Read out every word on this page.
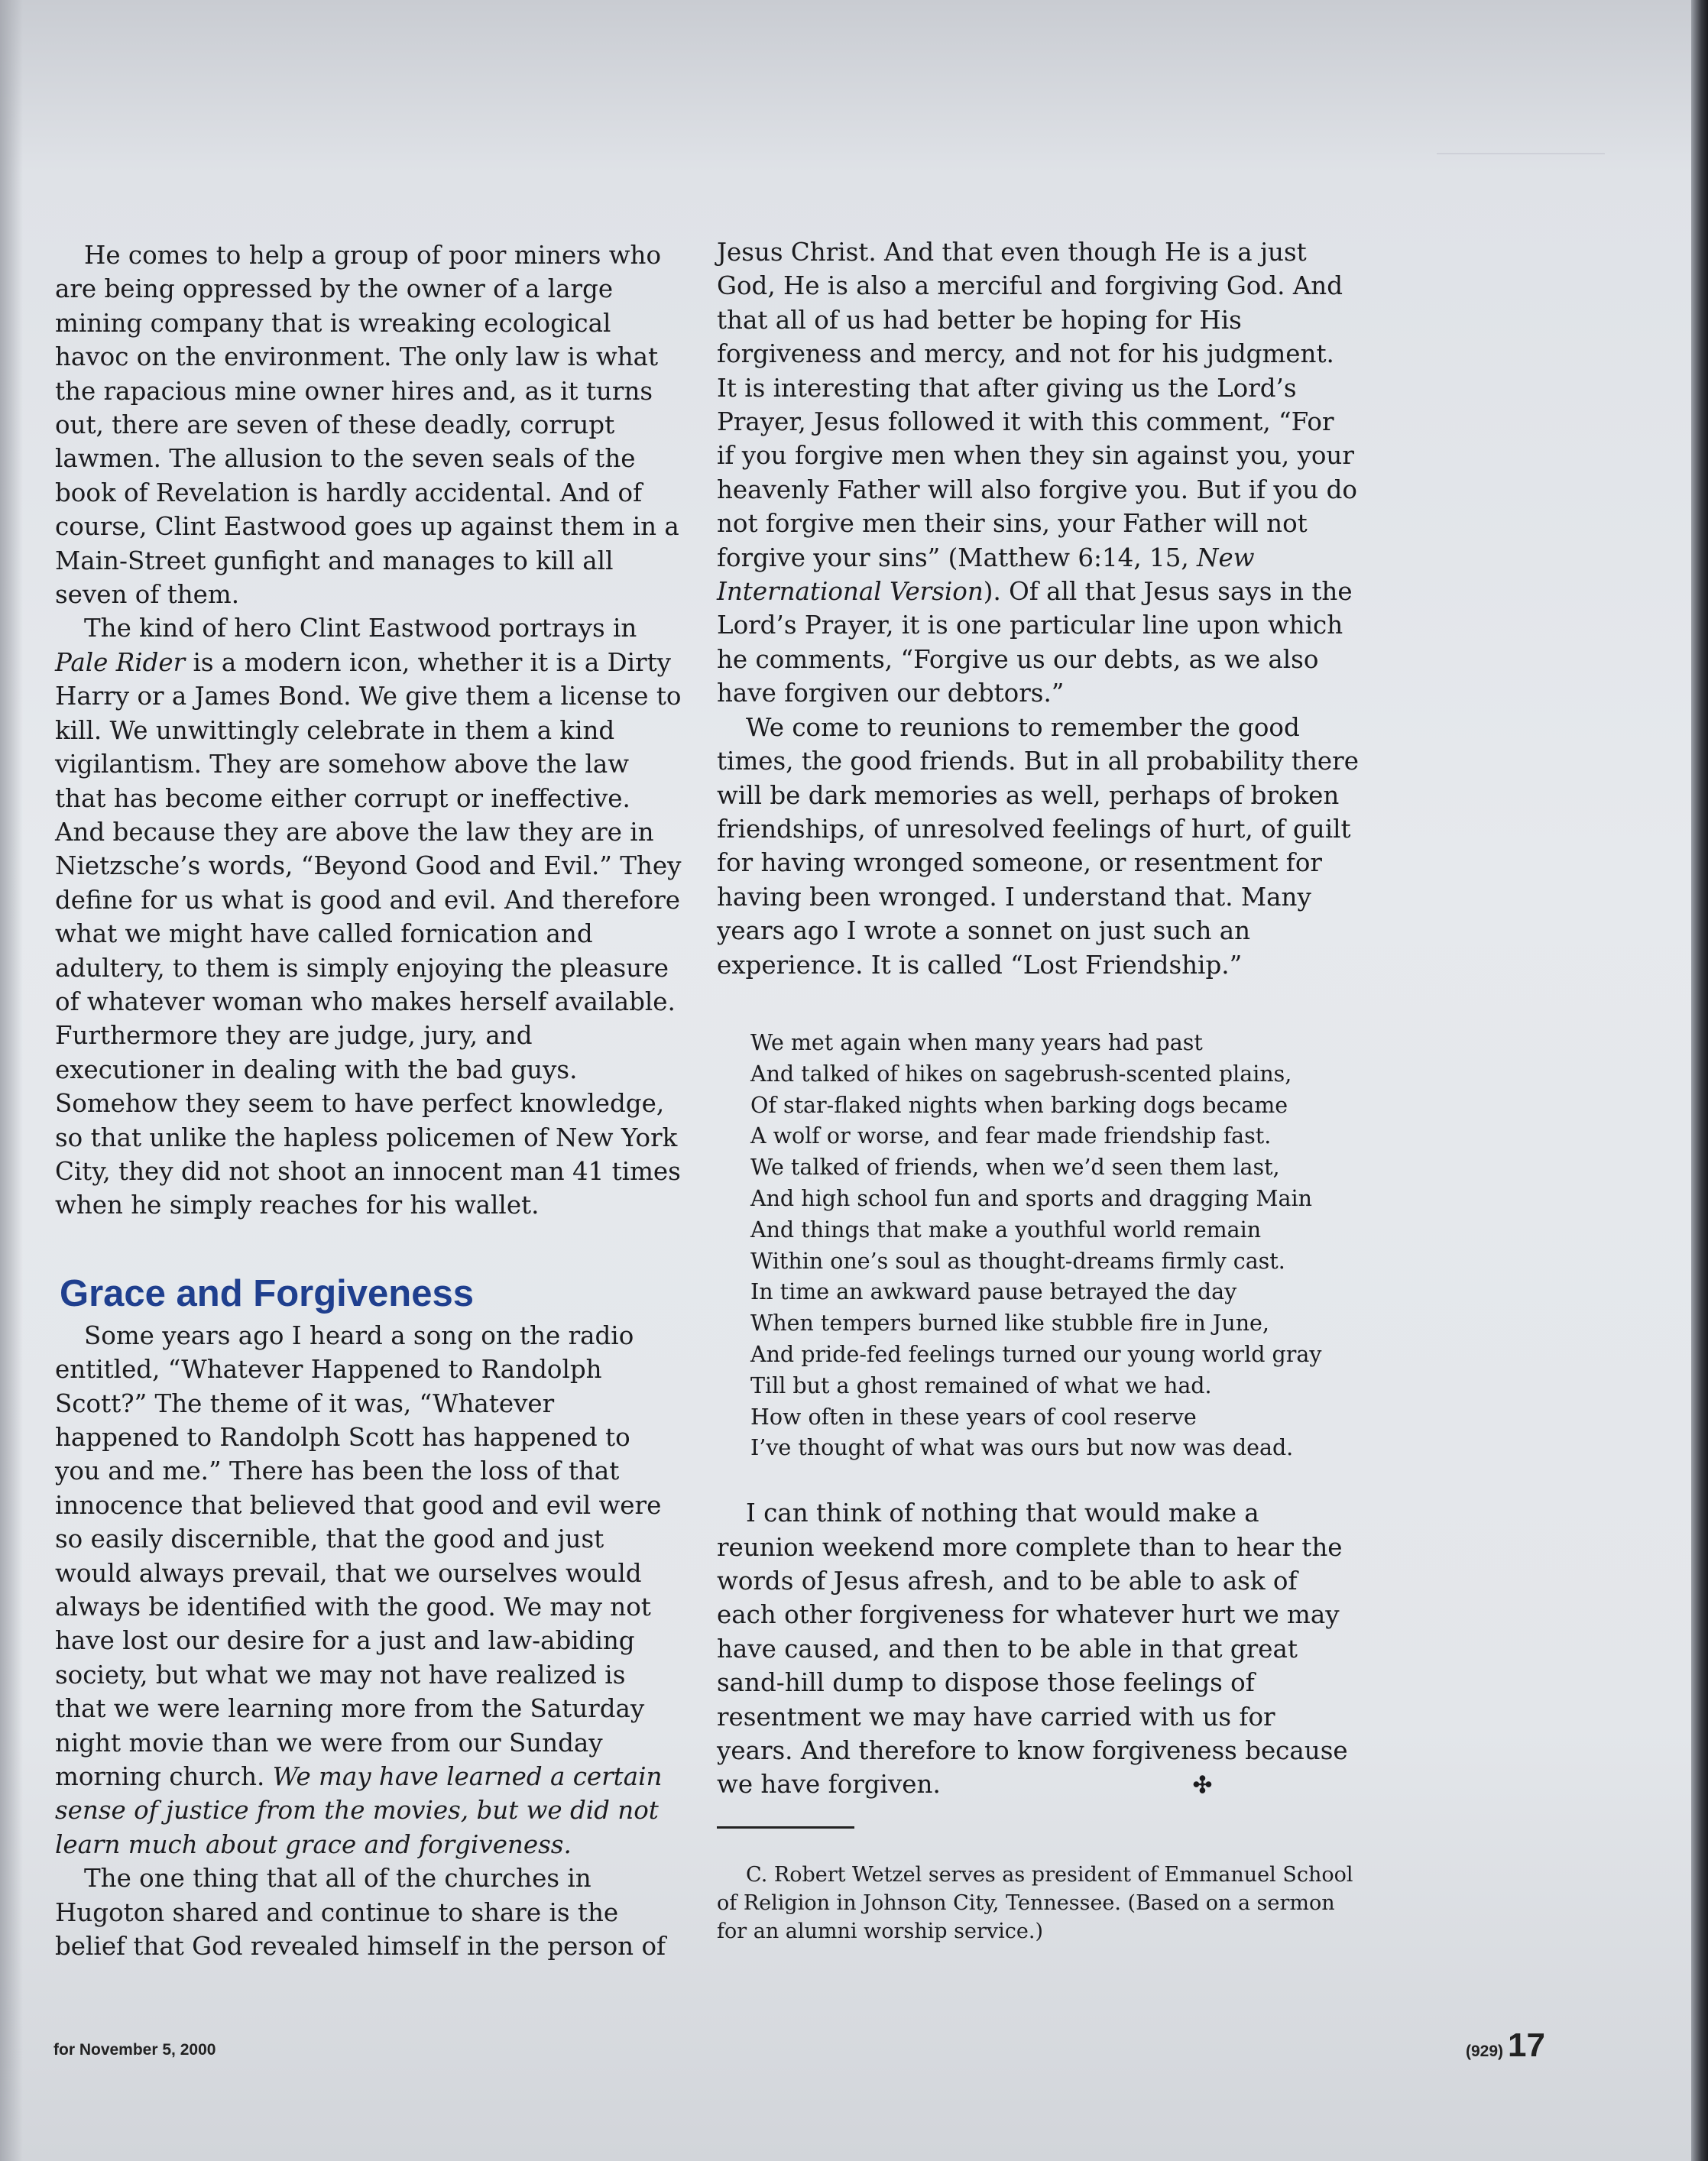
He comes to help a group of poor miners who are being oppressed by the owner of a large mining company that is wreaking ecological havoc on the environment. The only law is what the rapacious mine owner hires and, as it turns out, there are seven of these deadly, corrupt lawmen. The allusion to the seven seals of the book of Revelation is hardly accidental. And of course, Clint Eastwood goes up against them in a Main-Street gunfight and manages to kill all seven of them.

The kind of hero Clint Eastwood portrays in Pale Rider is a modern icon, whether it is a Dirty Harry or a James Bond. We give them a license to kill. We unwittingly celebrate in them a kind vigilantism. They are somehow above the law that has become either corrupt or ineffective. And because they are above the law they are in Nietzsche’s words, “Beyond Good and Evil.” They define for us what is good and evil. And therefore what we might have called fornication and adultery, to them is simply enjoying the pleasure of whatever woman who makes herself available. Furthermore they are judge, jury, and executioner in dealing with the bad guys. Somehow they seem to have perfect knowledge, so that unlike the hapless policemen of New York City, they did not shoot an innocent man 41 times when he simply reaches for his wallet.

Grace and Forgiveness

Some years ago I heard a song on the radio entitled, “Whatever Happened to Randolph Scott?” The theme of it was, “Whatever happened to Randolph Scott has happened to you and me.” There has been the loss of that innocence that believed that good and evil were so easily discernible, that the good and just would always prevail, that we ourselves would always be identified with the good. We may not have lost our desire for a just and law-abiding society, but what we may not have realized is that we were learning more from the Saturday night movie than we were from our Sunday morning church. We may have learned a certain sense of justice from the movies, but we did not learn much about grace and forgiveness.

The one thing that all of the churches in Hugoton shared and continue to share is the belief that God revealed himself in the person of

Jesus Christ. And that even though He is a just God, He is also a merciful and forgiving God. And that all of us had better be hoping for His forgiveness and mercy, and not for his judgment. It is interesting that after giving us the Lord’s Prayer, Jesus followed it with this comment, “For if you forgive men when they sin against you, your heavenly Father will also forgive you. But if you do not forgive men their sins, your Father will not forgive your sins” (Matthew 6:14, 15, New International Version). Of all that Jesus says in the Lord’s Prayer, it is one particular line upon which he comments, “Forgive us our debts, as we also have forgiven our debtors.”

We come to reunions to remember the good times, the good friends. But in all probability there will be dark memories as well, perhaps of broken friendships, of unresolved feelings of hurt, of guilt for having wronged someone, or resentment for having been wronged. I understand that. Many years ago I wrote a sonnet on just such an experience. It is called “Lost Friendship.”

We met again when many years had past
And talked of hikes on sagebrush-scented plains,
Of star-flaked nights when barking dogs became
A wolf or worse, and fear made friendship fast.
We talked of friends, when we’d seen them last,
And high school fun and sports and dragging Main
And things that make a youthful world remain
Within one’s soul as thought-dreams firmly cast.
In time an awkward pause betrayed the day
When tempers burned like stubble fire in June,
And pride-fed feelings turned our young world gray
Till but a ghost remained of what we had.
How often in these years of cool reserve
I’ve thought of what was ours but now was dead.

I can think of nothing that would make a reunion weekend more complete than to hear the words of Jesus afresh, and to be able to ask of each other forgiveness for whatever hurt we may have caused, and then to be able in that great sand-hill dump to dispose those feelings of resentment we may have carried with us for years. And therefore to know forgiveness because we have forgiven.	✣

C. Robert Wetzel serves as president of Emmanuel School of Religion in Johnson City, Tennessee. (Based on a sermon for an alumni worship service.)

for November 5, 2000	(929) 17
